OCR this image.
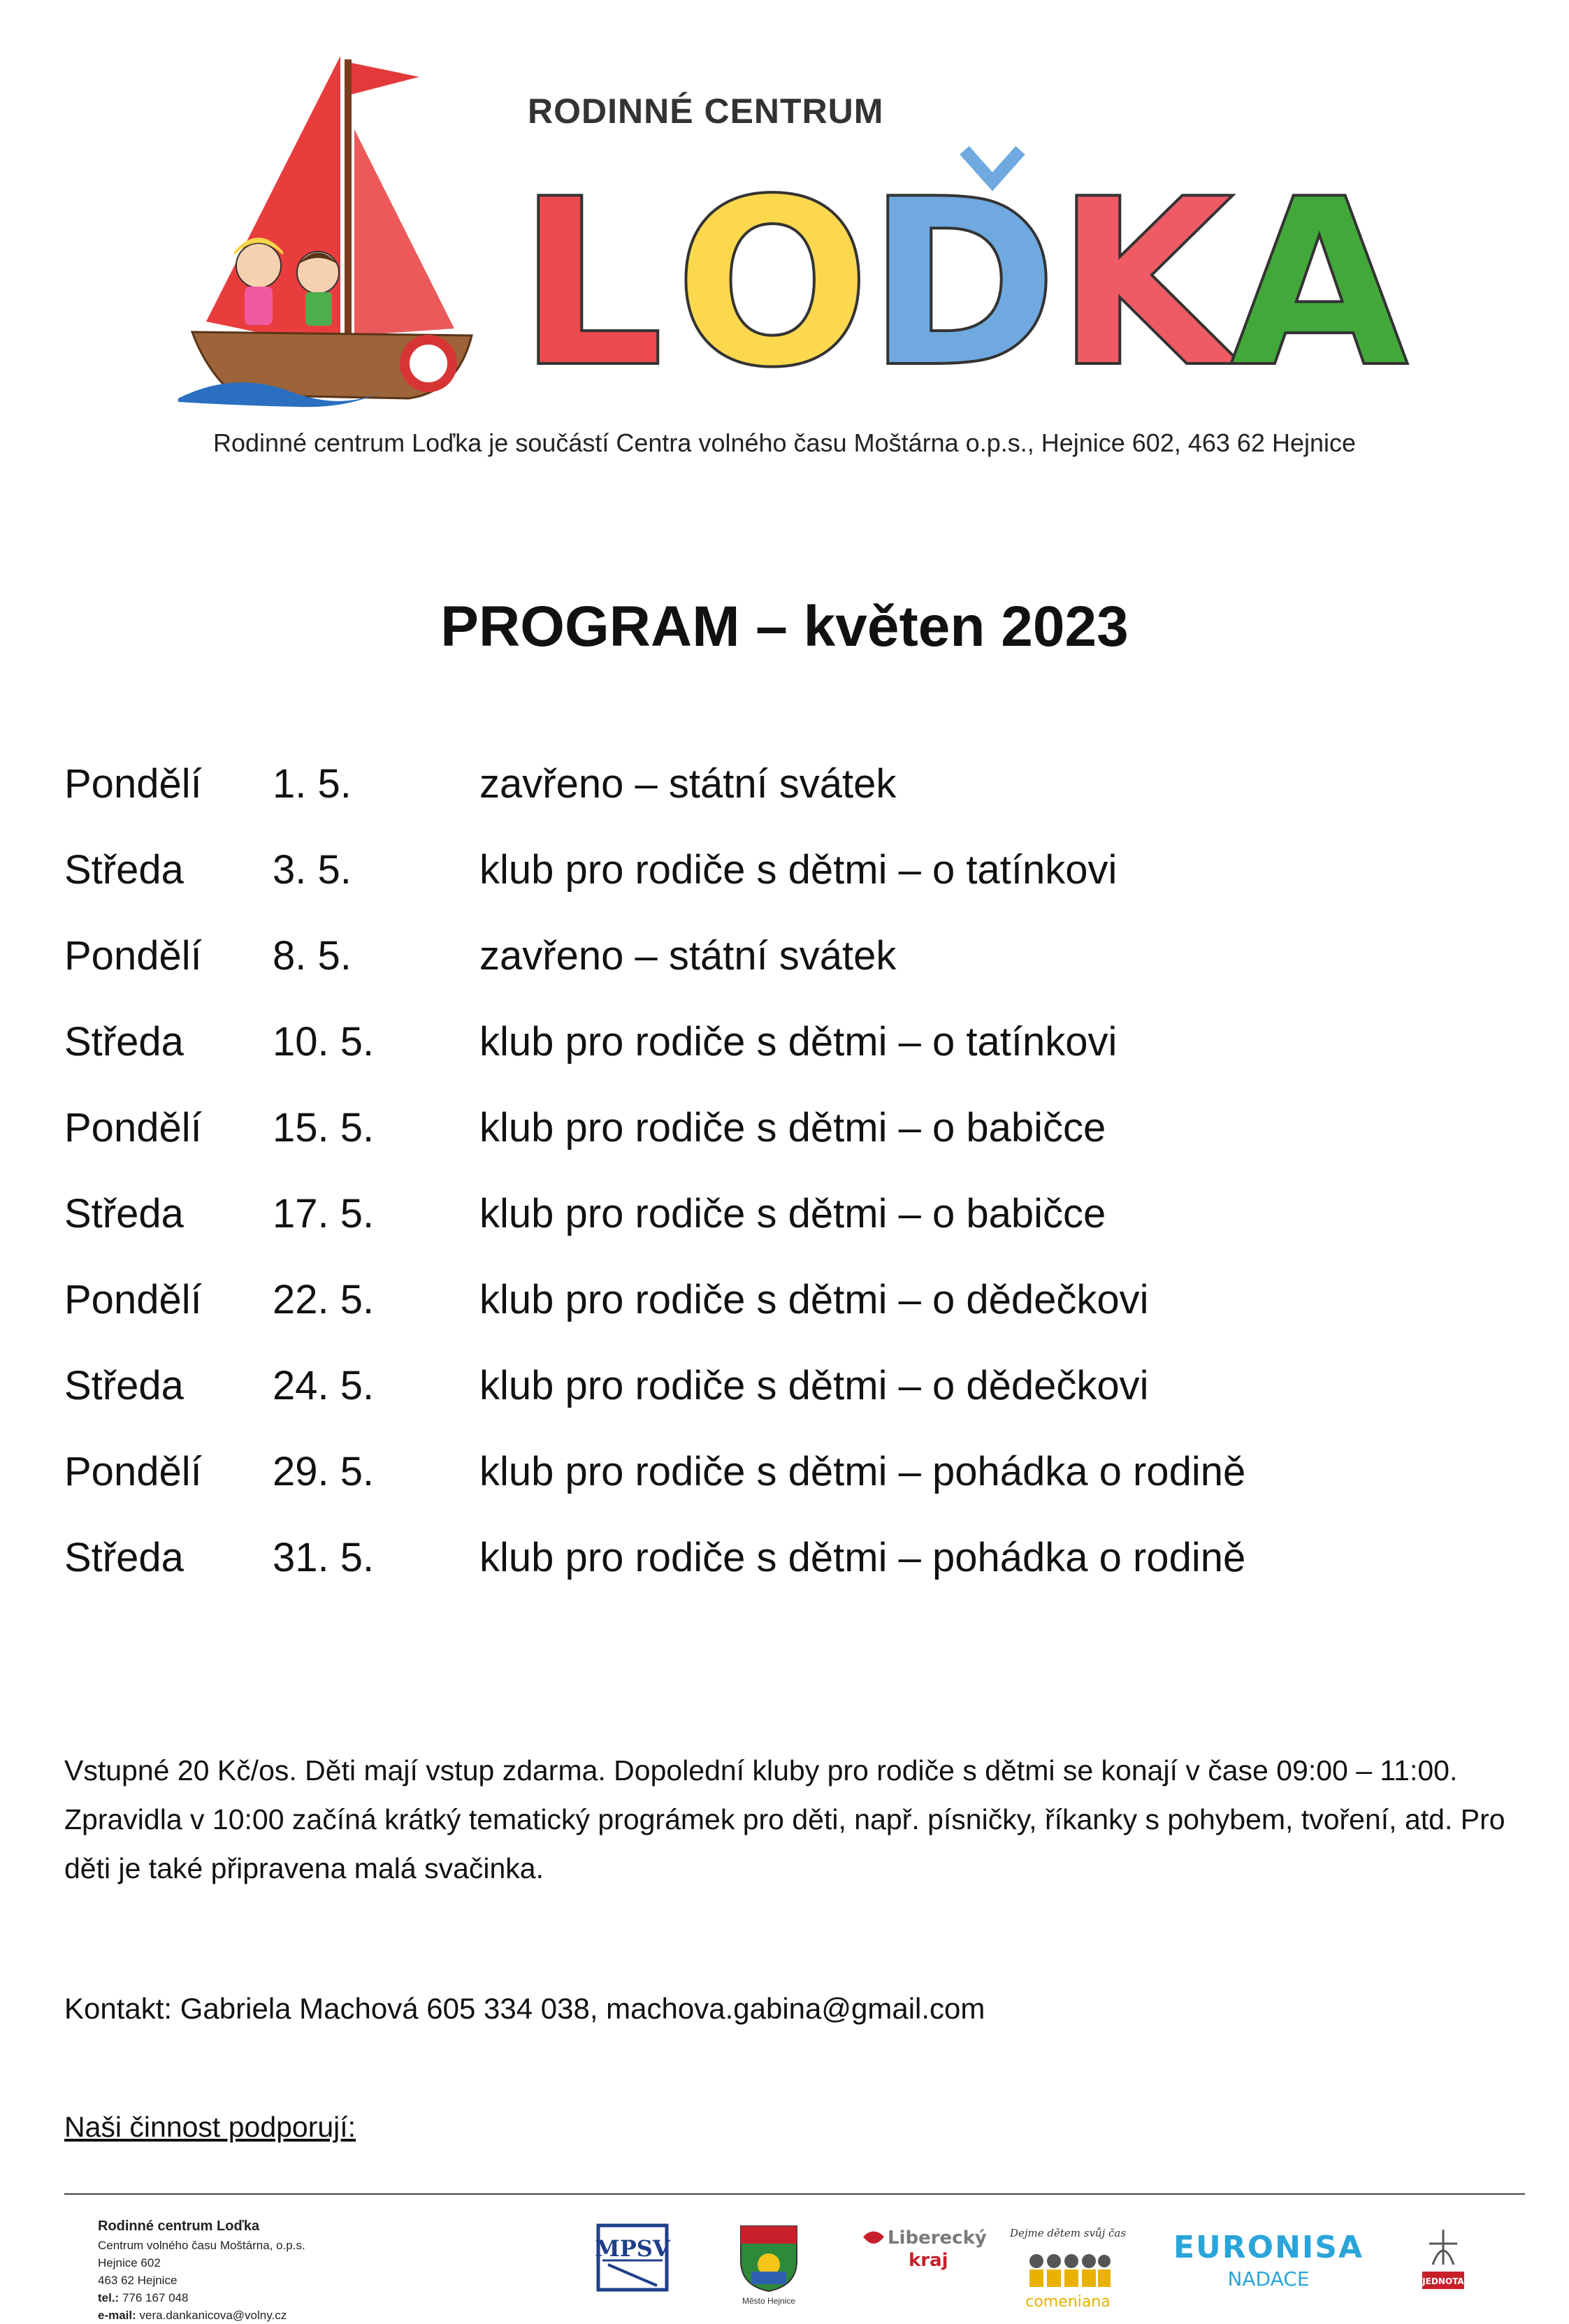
RODINNÉ CENTRUM
L O
D
K
A
Rodinné centrum Loďka je součástí Centra volného času Moštárna o.p.s., Hejnice 602, 463 62 Hejnice
PROGRAM – květen 2023
Pondělí 1. 5.	zavřeno – státní svátek
Středa 3. 5.	klub pro rodiče s dětmi – o tatínkovi
Pondělí 8. 5.	zavřeno – státní svátek
Středa 10. 5.	klub pro rodiče s dětmi – o tatínkovi
Pondělí 15. 5.	klub pro rodiče s dětmi – o babičce
Středa 17. 5.	klub pro rodiče s dětmi – o babičce
Pondělí 22. 5.	klub pro rodiče s dětmi – o dědečkovi
Středa 24. 5.	klub pro rodiče s dětmi – o dědečkovi
Pondělí 29. 5.	klub pro rodiče s dětmi – pohádka o rodině
Středa 31. 5.	klub pro rodiče s dětmi – pohádka o rodině
Vstupné 20 Kč/os. Děti mají vstup zdarma. Dopolední kluby pro rodiče s dětmi se konají v čase 09:00 – 11:00. Zpravidla v 10:00 začíná krátký tematický prográmek pro děti, např. písničky, říkanky s pohybem, tvoření, atd. Pro děti je také připravena malá svačinka.
Kontakt: Gabriela Machová 605 334 038, machova.gabina@gmail.com
Naši činnost podporují:
Rodinné centrum Loďka
Centrum volného času Moštárna, o.p.s.
Hejnice 602
463 62 Hejnice
tel.: 776 167 048
e-mail: vera.dankanicova@volny.cz
MPSV
Město Hejnice
Liberecký
kraj
Dejme dětem svůj čas
comeniana
EURONISA
NADACE	JEDNOTA
